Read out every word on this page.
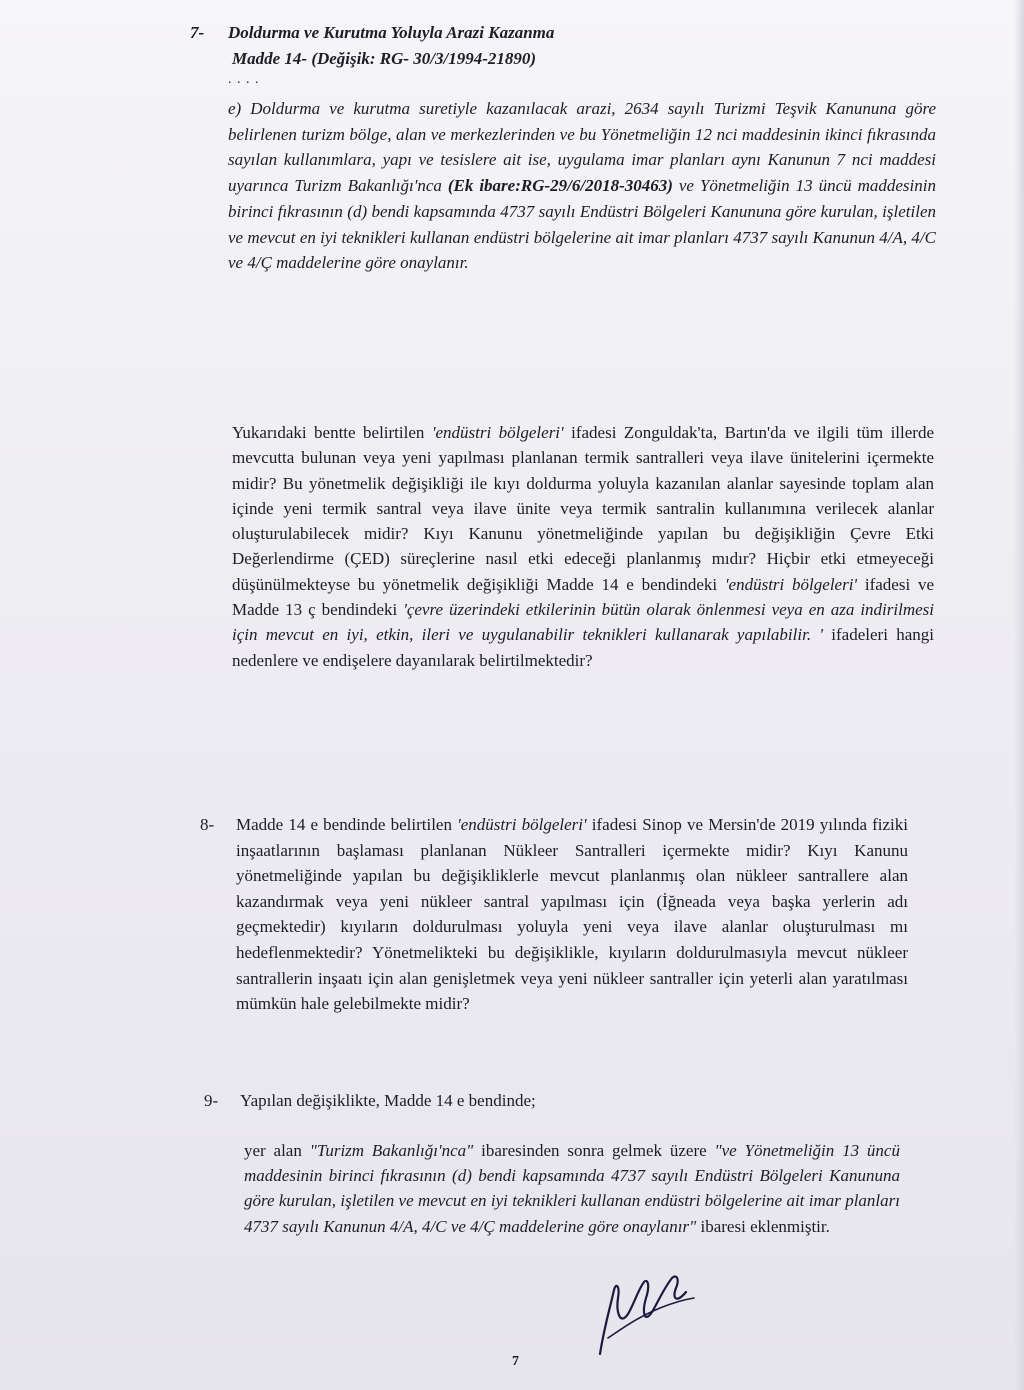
7- Doldurma ve Kurutma Yoluyla Arazi Kazanma
Madde 14- (Değişik: RG- 30/3/1994-21890)
. . . .
e) Doldurma ve kurutma suretiyle kazanılacak arazi, 2634 sayılı Turizmi Teşvik Kanununa göre belirlenen turizm bölge, alan ve merkezlerinden ve bu Yönetmeliğin 12 nci maddesinin ikinci fıkrasında sayılan kullanımlara, yapı ve tesislere ait ise, uygulama imar planları aynı Kanunun 7 nci maddesi uyarınca Turizm Bakanlığı'nca (Ek ibare:RG-29/6/2018-30463) ve Yönetmeliğin 13 üncü maddesinin birinci fıkrasının (d) bendi kapsamında 4737 sayılı Endüstri Bölgeleri Kanununa göre kurulan, işletilen ve mevcut en iyi teknikleri kullanan endüstri bölgelerine ait imar planları 4737 sayılı Kanunun 4/A, 4/C ve 4/Ç maddelerine göre onaylanır.
Yukarıdaki bentte belirtilen 'endüstri bölgeleri' ifadesi Zonguldak'ta, Bartın'da ve ilgili tüm illerde mevcutta bulunan veya yeni yapılması planlanan termik santralleri veya ilave ünitelerini içermekte midir? Bu yönetmelik değişikliği ile kıyı doldurma yoluyla kazanılan alanlar sayesinde toplam alan içinde yeni termik santral veya ilave ünite veya termik santralin kullanımına verilecek alanlar oluşturulabilecek midir? Kıyı Kanunu yönetmeliğinde yapılan bu değişikliğin Çevre Etki Değerlendirme (ÇED) süreçlerine nasıl etki edeceği planlanmış mıdır? Hiçbir etki etmeyeceği düşünülmekteyse bu yönetmelik değişikliği Madde 14 e bendindeki 'endüstri bölgeleri' ifadesi ve Madde 13 ç bendindeki 'çevre üzerindeki etkilerinin bütün olarak önlenmesi veya en aza indirilmesi için mevcut en iyi, etkin, ileri ve uygulanabilir teknikleri kullanarak yapılabilir. ' ifadeleri hangi nedenlere ve endişelere dayanılarak belirtilmektedir?
8- Madde 14 e bendinde belirtilen 'endüstri bölgeleri' ifadesi Sinop ve Mersin'de 2019 yılında fiziki inşaatlarının başlaması planlanan Nükleer Santralleri içermekte midir? Kıyı Kanunu yönetmeliğinde yapılan bu değişikliklerle mevcut planlanmış olan nükleer santrallere alan kazandırmak veya yeni nükleer santral yapılması için (İğneada veya başka yerlerin adı geçmektedir) kıyıların doldurulması yoluyla yeni veya ilave alanlar oluşturulması mı hedeflenmektedir? Yönetmelikteki bu değişiklikle, kıyıların doldurulmasıyla mevcut nükleer santrallerin inşaatı için alan genişletmek veya yeni nükleer santraller için yeterli alan yaratılması mümkün hale gelebilmekte midir?
9- Yapılan değişiklikte, Madde 14 e bendinde;
yer alan "Turizm Bakanlığı'nca" ibaresinden sonra gelmek üzere "ve Yönetmeliğin 13 üncü maddesinin birinci fıkrasının (d) bendi kapsamında 4737 sayılı Endüstri Bölgeleri Kanununa göre kurulan, işletilen ve mevcut en iyi teknikleri kullanan endüstri bölgelerine ait imar planları 4737 sayılı Kanunun 4/A, 4/C ve 4/Ç maddelerine göre onaylanır" ibaresi eklenmiştir.
7
